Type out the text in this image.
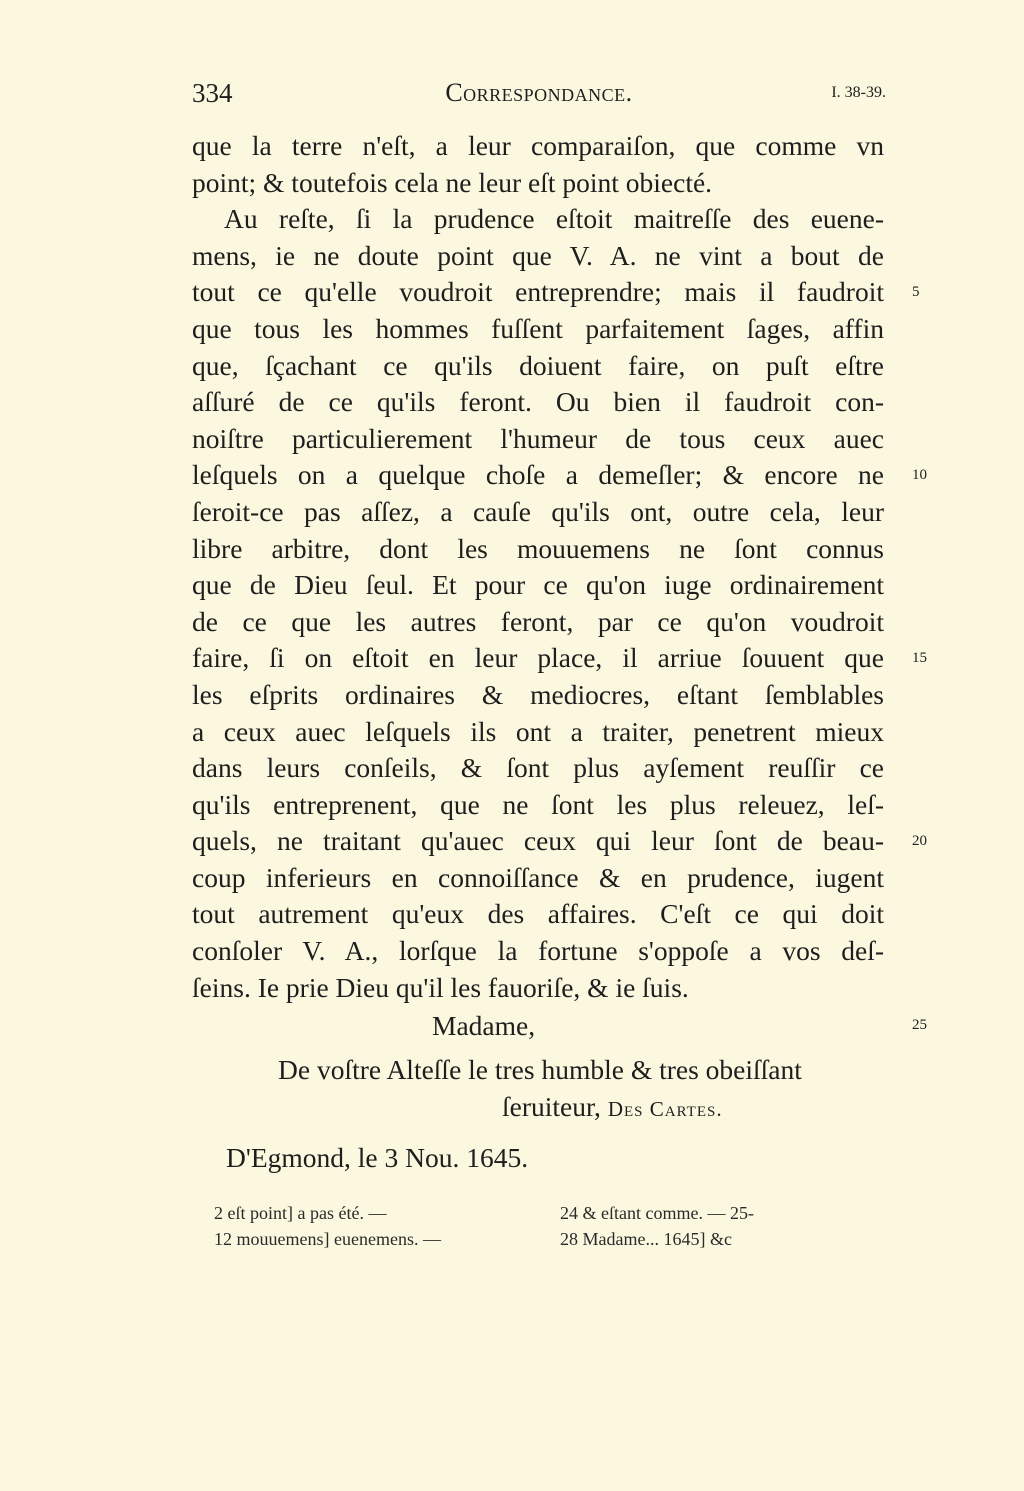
334	Correspondance.	I. 38-39.
que la terre n'eſt, a leur comparaiſon, que comme vn
point; & toutefois cela ne leur eſt point obiecté.
Au reſte, ſi la prudence eſtoit maitreſſe des euene-
mens, ie ne doute point que V. A. ne vint a bout de
tout ce qu'elle voudroit entreprendre; mais il faudroit
que tous les hommes fuſſent parfaitement ſages, affin
que, ſçachant ce qu'ils doiuent faire, on puſt eſtre
aſſuré de ce qu'ils feront. Ou bien il faudroit con-
noiſtre particulierement l'humeur de tous ceux auec
leſquels on a quelque choſe a demeſler; & encore ne
ſeroit-ce pas aſſez, a cauſe qu'ils ont, outre cela, leur
libre arbitre, dont les mouuemens ne ſont connus
que de Dieu ſeul. Et pour ce qu'on iuge ordinairement
de ce que les autres feront, par ce qu'on voudroit
faire, ſi on eſtoit en leur place, il arriue ſouuent que
les eſprits ordinaires & mediocres, eſtant ſemblables
a ceux auec leſquels ils ont a traiter, penetrent mieux
dans leurs conſeils, & ſont plus ayſement reuſſir ce
qu'ils entreprenent, que ne ſont les plus releuez, leſ-
quels, ne traitant qu'auec ceux qui leur ſont de beau-
coup inferieurs en connoiſſance & en prudence, iugent
tout autrement qu'eux des affaires. C'eſt ce qui doit
conſoler V. A., lorſque la fortune s'oppoſe a vos deſ-
ſeins. Ie prie Dieu qu'il les fauoriſe, & ie ſuis.
5
10
15
20
25
Madame,
De voſtre Alteſſe le tres humble & tres obeiſſant
ſeruiteur, Des Cartes.
D'Egmond, le 3 Nou. 1645.
2 eſt point] a pas été. —	24 & eſtant comme. — 25-
12 mouuemens] euenemens. —	28 Madame... 1645] &c
